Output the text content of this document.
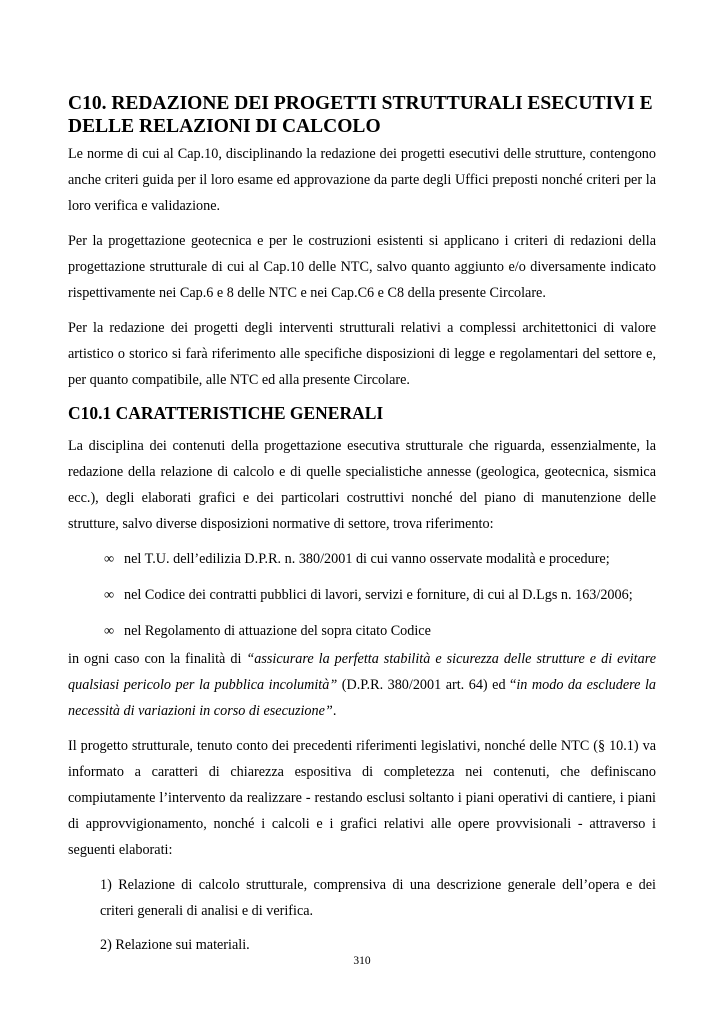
C10. REDAZIONE DEI PROGETTI STRUTTURALI ESECUTIVI E DELLE RELAZIONI DI CALCOLO

Le norme di cui al Cap.10, disciplinando la redazione dei progetti esecutivi delle strutture, contengono anche criteri guida per il loro esame ed approvazione da parte degli Uffici preposti nonché criteri per la loro verifica e validazione.

Per la progettazione geotecnica e per le costruzioni esistenti si applicano i criteri di redazioni della progettazione strutturale di cui al Cap.10 delle NTC, salvo quanto aggiunto e/o diversamente indicato rispettivamente nei Cap.6 e 8 delle NTC e nei Cap.C6 e C8 della presente Circolare.

Per la redazione dei progetti degli interventi strutturali relativi a complessi architettonici di valore artistico o storico si farà riferimento alle specifiche disposizioni di legge e regolamentari del settore e, per quanto compatibile, alle NTC ed alla presente Circolare.

C10.1 CARATTERISTICHE GENERALI

La disciplina dei contenuti della progettazione esecutiva strutturale che riguarda, essenzialmente, la redazione della relazione di calcolo e di quelle specialistiche annesse (geologica, geotecnica, sismica ecc.), degli elaborati grafici e dei particolari costruttivi nonché del piano di manutenzione delle strutture, salvo diverse disposizioni normative di settore, trova riferimento:

∞ nel T.U. dell’edilizia D.P.R. n. 380/2001 di cui vanno osservate modalità e procedure;
∞ nel Codice dei contratti pubblici di lavori, servizi e forniture, di cui al D.Lgs n. 163/2006;
∞ nel Regolamento di attuazione del sopra citato Codice

in ogni caso con la finalità di “assicurare la perfetta stabilità e sicurezza delle strutture e di evitare qualsiasi pericolo per la pubblica incolumità” (D.P.R. 380/2001 art. 64) ed “in modo da escludere la necessità di variazioni in corso di esecuzione”.

Il progetto strutturale, tenuto conto dei precedenti riferimenti legislativi, nonché delle NTC (§ 10.1) va informato a caratteri di chiarezza espositiva di completezza nei contenuti, che definiscano compiutamente l’intervento da realizzare - restando esclusi soltanto i piani operativi di cantiere, i piani di approvvigionamento, nonché i calcoli e i grafici relativi alle opere provvisionali - attraverso i seguenti elaborati:

1) Relazione di calcolo strutturale, comprensiva di una descrizione generale dell’opera e dei criteri generali di analisi e di verifica.
2) Relazione sui materiali.
310
